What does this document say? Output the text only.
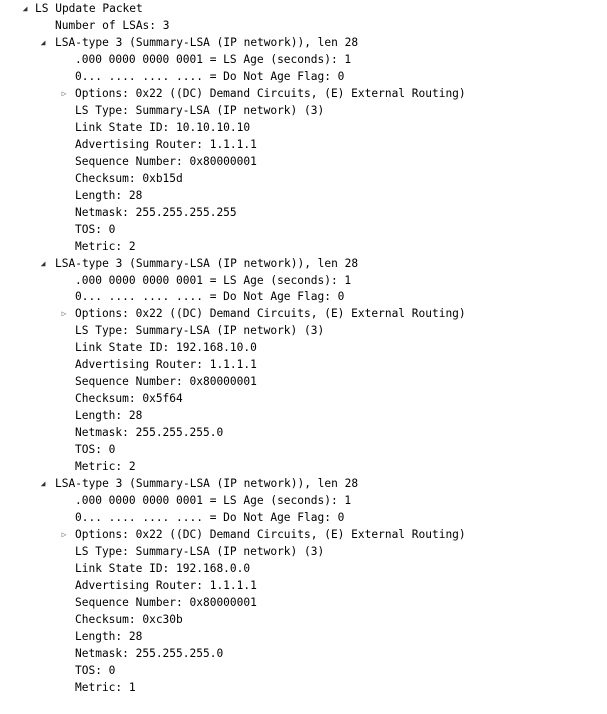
◢

LS Update Packet

Number of LSAs: 3

◢

LSA-type 3 (Summary-LSA (IP network)), len 28

.000 0000 0000 0001 = LS Age (seconds): 1
0... .... .... .... = Do Not Age Flag: 0

▷

Options: 0x22 ((DC) Demand Circuits, (E) External Routing)

LS Type: Summary-LSA (IP network) (3)
Link State ID: 10.10.10.10
Advertising Router: 1.1.1.1
Sequence Number: 0x80000001
Checksum: 0xb15d
Length: 28
Netmask: 255.255.255.255
TOS: 0
Metric: 2

◢

LSA-type 3 (Summary-LSA (IP network)), len 28

.000 0000 0000 0001 = LS Age (seconds): 1
0... .... .... .... = Do Not Age Flag: 0

▷

Options: 0x22 ((DC) Demand Circuits, (E) External Routing)

LS Type: Summary-LSA (IP network) (3)
Link State ID: 192.168.10.0
Advertising Router: 1.1.1.1
Sequence Number: 0x80000001
Checksum: 0x5f64
Length: 28
Netmask: 255.255.255.0
TOS: 0
Metric: 2

◢

LSA-type 3 (Summary-LSA (IP network)), len 28

.000 0000 0000 0001 = LS Age (seconds): 1
0... .... .... .... = Do Not Age Flag: 0

▷

Options: 0x22 ((DC) Demand Circuits, (E) External Routing)

LS Type: Summary-LSA (IP network) (3)
Link State ID: 192.168.0.0
Advertising Router: 1.1.1.1
Sequence Number: 0x80000001
Checksum: 0xc30b
Length: 28
Netmask: 255.255.255.0
TOS: 0
Metric: 1
